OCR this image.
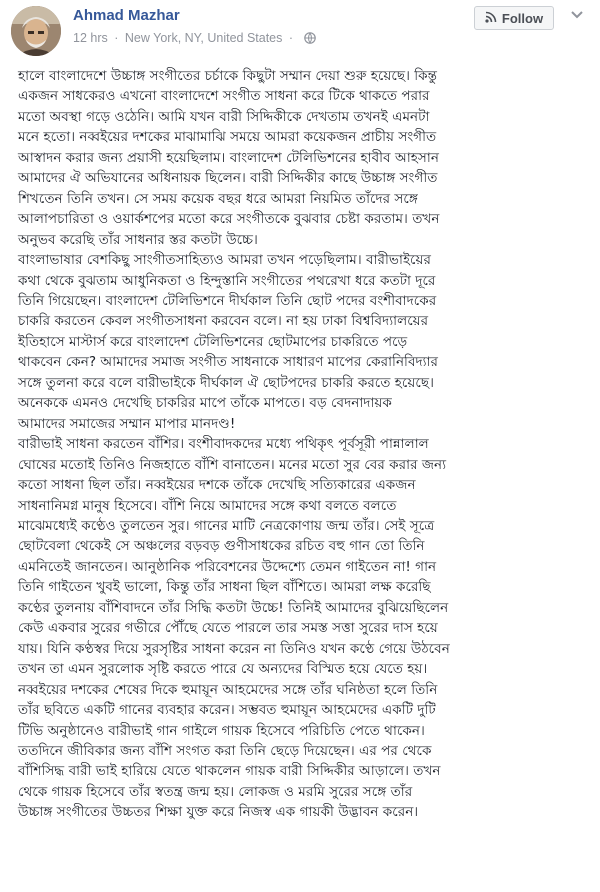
Ahmad Mazhar
12 hrs · New York, NY, United States ·
Follow

হালে বাংলাদেশে উচ্চাঙ্গ সংগীতের চর্চাকে কিছুটা সম্মান দেয়া শুরু হয়েছে। কিন্তু
একজন সাধকেরও এখনো বাংলাদেশে সংগীত সাধনা করে টিকে থাকতে পরার
মতো অবস্থা গড়ে ওঠেনি। আমি যখন বারী সিদ্দিকীকে দেখতাম তখনই এমনটা
মনে হতো। নব্বইয়ের দশকের মাঝামাঝি সময়ে আমরা কয়েকজন প্রাচীয় সংগীত
আস্বাদন করার জন্য প্রয়াসী হয়েছিলাম। বাংলাদেশ টেলিভিশনের হাবীব আহসান
আমাদের ঐ অভিযানের অধিনায়ক ছিলেন। বারী সিদ্দিকীর কাছে উচ্চাঙ্গ সংগীত
শিখতেন তিনি তখন। সে সময় কয়েক বছর ধরে আমরা নিয়মিত তাঁদের সঙ্গে
আলাপচারিতা ও ওয়ার্কশপের মতো করে সংগীতকে বুঝবার চেষ্টা করতাম। তখন
অনুভব করেছি তাঁর সাধনার স্তর কতটা উচ্চে।

বাংলাভাষার বেশকিছু সাংগীতসাহিত্যও আমরা তখন পড়েছিলাম। বারীভাইয়ের
কথা থেকে বুঝতাম আধুনিকতা ও হিন্দুস্তানি সংগীতের পথরেখা ধরে কতটা দূরে
তিনি গিয়েছেন। বাংলাদেশ টেলিভিশনে দীর্ঘকাল তিনি ছোট পদের বংশীবাদকের
চাকরি করতেন কেবল সংগীতসাধনা করবেন বলে। না হয় ঢাকা বিশ্ববিদ্যালয়ের
ইতিহাসে মাস্টার্স করে বাংলাদেশ টেলিভিশনের ছোটমাপের চাকরিতে পড়ে
থাকবেন কেন? আমাদের সমাজ সংগীত সাধনাকে সাধারণ মাপের কেরানিবিদ্যার
সঙ্গে তুলনা করে বলে বারীভাইকে দীর্ঘকাল ঐ ছোটপদের চাকরি করতে হয়েছে।
অনেককে এমনও দেখেছি চাকরির মাপে তাঁকে মাপতে। বড় বেদনাদায়ক
আমাদের সমাজের সম্মান মাপার মানদণ্ড!

বারীভাই সাধনা করতেন বাঁশির। বংশীবাদকদের মধ্যে পথিকৃৎ পূর্বসূরী পান্নালাল
ঘোষের মতোই তিনিও নিজহাতে বাঁশি বানাতেন। মনের মতো সুর বের করার জন্য
কতো সাধনা ছিল তাঁর। নব্বইয়ের দশকে তাঁকে দেখেছি সত্যিকারের একজন
সাধনানিমগ্ন মানুষ হিসেবে। বাঁশি নিয়ে আমাদের সঙ্গে কথা বলতে বলতে
মাঝেমধ্যেই কণ্ঠেও তুলতেন সুর। গানের মাটি নেত্রকোণায় জন্ম তাঁর। সেই সূত্রে
ছোটবেলা থেকেই সে অঞ্চলের বড়বড় গুণীসাধকের রচিত বহু গান তো তিনি
এমনিতেই জানতেন। আনুষ্ঠানিক পরিবেশনের উদ্দেশ্যে তেমন গাইতেন না! গান
তিনি গাইতেন খুবই ভালো, কিন্তু তাঁর সাধনা ছিল বাঁশিতে। আমরা লক্ষ করেছি
কণ্ঠের তুলনায় বাঁশিবাদনে তাঁর সিদ্ধি কতটা উচ্চে! তিনিই আমাদের বুঝিয়েছিলেন
কেউ একবার সুরের গভীরে পৌঁছে যেতে পারলে তার সমস্ত সত্তা সুরের দাস হয়ে
যায়। যিনি কণ্ঠস্বর দিয়ে সুরসৃষ্টির সাধনা করেন না তিনিও যখন কণ্ঠে গেয়ে উঠবেন
তখন তা এমন সুরলোক সৃষ্টি করতে পারে যে অন্যদের বিস্মিত হয়ে যেতে হয়।
নব্বইয়ের দশকের শেষের দিকে হুমায়ূন আহমেদের সঙ্গে তাঁর ঘনিষ্ঠতা হলে তিনি
তাঁর ছবিতে একটি গানের ব্যবহার করেন। সম্ভবত হুমায়ূন আহমেদের একটি দুটি
টিভি অনুষ্ঠানেও বারীভাই গান গাইলে গায়ক হিসেবে পরিচিতি পেতে থাকেন।
ততদিনে জীবিকার জন্য বাঁশি সংগত করা তিনি ছেড়ে দিয়েছেন। এর পর থেকে
বাঁশিসিদ্ধ বারী ভাই হারিয়ে যেতে থাকলেন গায়ক বারী সিদ্দিকীর আড়ালে। তখন
থেকে গায়ক হিসেবে তাঁর স্বতন্ত্র জন্ম হয়। লোকজ ও মরমি সুরের সঙ্গে তাঁর
উচ্চাঙ্গ সংগীতের উচ্চতর শিক্ষা যুক্ত করে নিজস্ব এক গায়কী উদ্ভাবন করেন।
